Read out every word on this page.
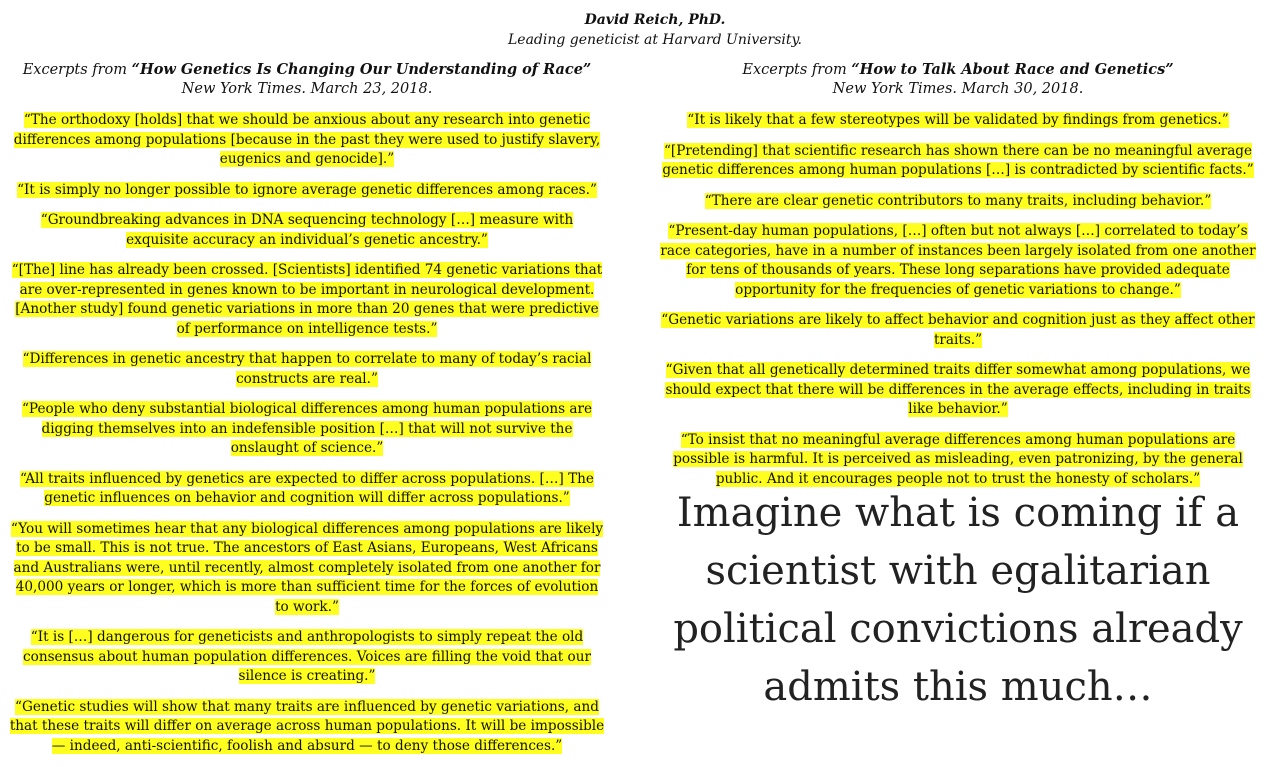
David Reich, PhD.
Leading geneticist at Harvard University.
Excerpts from “How Genetics Is Changing Our Understanding of Race”
New York Times. March 23, 2018.

“The orthodoxy [holds] that we should be anxious about any research into genetic differences among populations [because in the past they were used to justify slavery, eugenics and genocide].”

“It is simply no longer possible to ignore average genetic differences among races.”

“Groundbreaking advances in DNA sequencing technology […] measure with exquisite accuracy an individual’s genetic ancestry.”

“[The] line has already been crossed. [Scientists] identified 74 genetic variations that are over-represented in genes known to be important in neurological development. [Another study] found genetic variations in more than 20 genes that were predictive of performance on intelligence tests.”

“Differences in genetic ancestry that happen to correlate to many of today’s racial constructs are real.”

“People who deny substantial biological differences among human populations are digging themselves into an indefensible position […] that will not survive the onslaught of science.”

“All traits influenced by genetics are expected to differ across populations. […] The genetic influences on behavior and cognition will differ across populations.”

“You will sometimes hear that any biological differences among populations are likely to be small. This is not true. The ancestors of East Asians, Europeans, West Africans and Australians were, until recently, almost completely isolated from one another for 40,000 years or longer, which is more than sufficient time for the forces of evolution to work.”

“It is […] dangerous for geneticists and anthropologists to simply repeat the old consensus about human population differences. Voices are filling the void that our silence is creating.”

“Genetic studies will show that many traits are influenced by genetic variations, and that these traits will differ on average across human populations. It will be impossible — indeed, anti-scientific, foolish and absurd — to deny those differences.”

Excerpts from “How to Talk About Race and Genetics”
New York Times. March 30, 2018.

“It is likely that a few stereotypes will be validated by findings from genetics.”

“[Pretending] that scientific research has shown there can be no meaningful average genetic differences among human populations […] is contradicted by scientific facts.”

“There are clear genetic contributors to many traits, including behavior.”

“Present-day human populations, […] often but not always […] correlated to today’s race categories, have in a number of instances been largely isolated from one another for tens of thousands of years. These long separations have provided adequate opportunity for the frequencies of genetic variations to change.”

“Genetic variations are likely to affect behavior and cognition just as they affect other traits.”

“Given that all genetically determined traits differ somewhat among populations, we should expect that there will be differences in the average effects, including in traits like behavior.”

“To insist that no meaningful average differences among human populations are possible is harmful. It is perceived as misleading, even patronizing, by the general public. And it encourages people not to trust the honesty of scholars.”

Imagine what is coming if a scientist with egalitarian political convictions already admits this much…
